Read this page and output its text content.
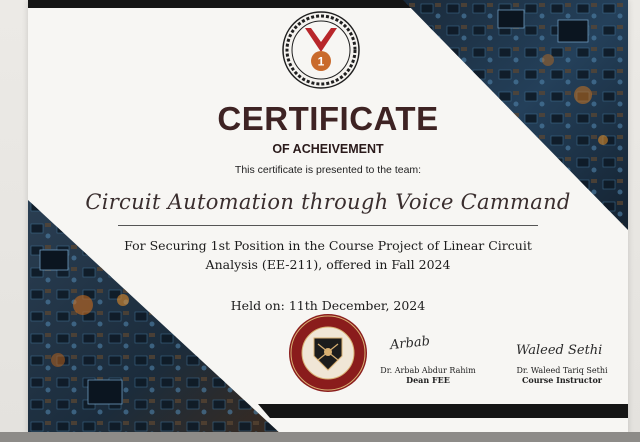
1
CERTIFICATE
OF ACHEIVEMENT
This certificate is presented to the team:
Circuit Automation through Voice Cammand
For Securing 1st Position in the Course Project of Linear Circuit
Analysis (EE-211), offered in Fall 2024
Held on: 11th December, 2024
Arbab
Dr. Arbab Abdur Rahim
Dean FEE
Waleed Sethi
Dr. Waleed Tariq Sethi
Course Instructor
